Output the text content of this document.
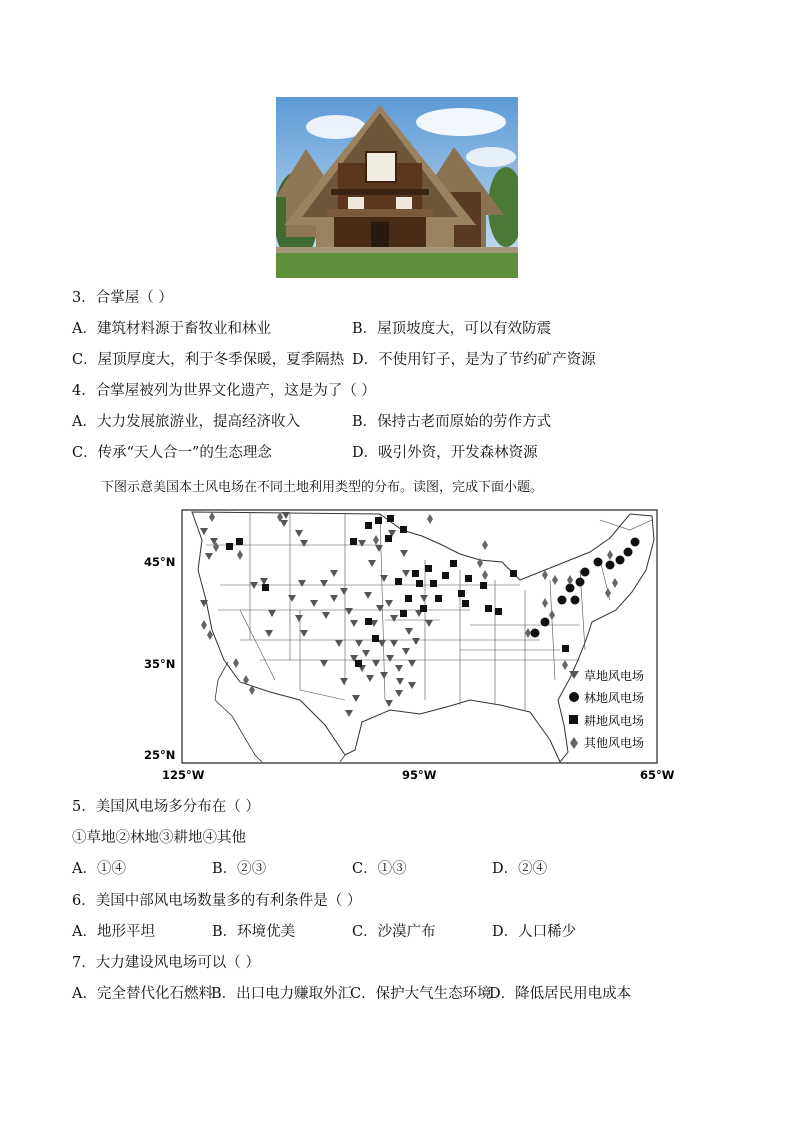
3．合掌屋（ ）
A．建筑材料源于畜牧业和林业	B．屋顶坡度大，可以有效防震
C．屋顶厚度大，利于冬季保暖，夏季隔热 D．不使用钉子，是为了节约矿产资源
4．合掌屋被列为世界文化遗产，这是为了（ ）
A．大力发展旅游业，提高经济收入	B．保持古老而原始的劳作方式
C．传承“天人合一”的生态理念	D．吸引外资，开发森林资源
下图示意美国本土风电场在不同土地利用类型的分布。读图，完成下面小题。
45°N
35°N
25°N
125°W	95°W	65°W
草地风电场
林地风电场
耕地风电场
其他风电场
5．美国风电场多分布在（ ）
①草地②林地③耕地④其他
A．①④	B．②③	C．①③	D．②④
6．美国中部风电场数量多的有利条件是（ ）
A．地形平坦	B．环境优美	C．沙漠广布	D．人口稀少
7．大力建设风电场可以（ ）
A．完全替代化石燃料
B．出口电力赚取外汇
C．保护大气生态环境
D．降低居民用电成本
